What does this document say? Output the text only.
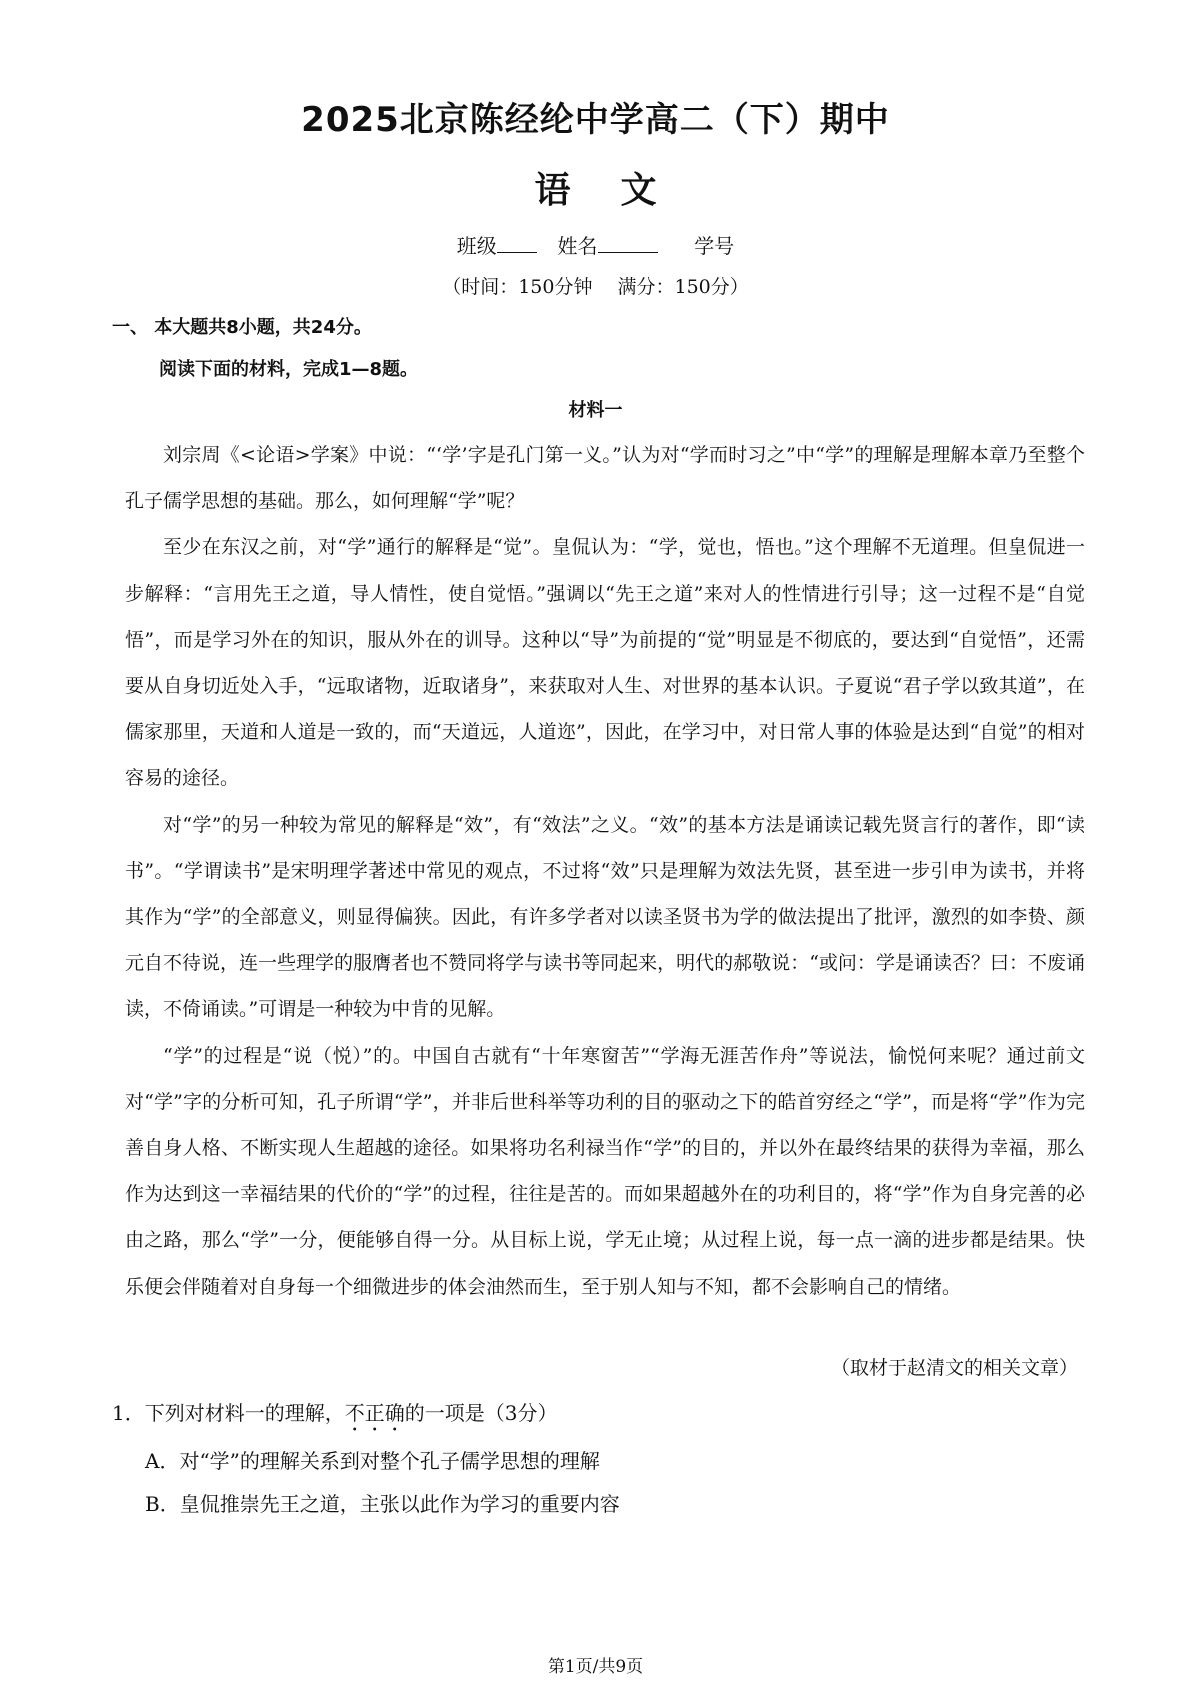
2025北京陈经纶中学高二（下）期中
语文
班级	姓名	学号
（时间：150分钟　 满分：150分）
一、 本大题共8小题，共24分。
阅读下面的材料，完成1—8题。
材料一

刘宗周《<论语>学案》中说：“‘学’字是孔门第一义。”认为对“学而时习之”中“学”的理解是理解本章乃至整个孔子儒学思想的基础。那么，如何理解“学”呢？

至少在东汉之前，对“学”通行的解释是“觉”。皇侃认为：“学，觉也，悟也。”这个理解不无道理。但皇侃进一步解释：“言用先王之道，导人情性，使自觉悟。”强调以“先王之道”来对人的性情进行引导；这一过程不是“自觉悟”，而是学习外在的知识，服从外在的训导。这种以“导”为前提的“觉”明显是不彻底的，要达到“自觉悟”，还需要从自身切近处入手，“远取诸物，近取诸身”，来获取对人生、对世界的基本认识。子夏说“君子学以致其道”，在儒家那里，天道和人道是一致的，而“天道远，人道迩”，因此，在学习中，对日常人事的体验是达到“自觉”的相对容易的途径。

对“学”的另一种较为常见的解释是“效”，有“效法”之义。“效”的基本方法是诵读记载先贤言行的著作，即“读书”。“学谓读书”是宋明理学著述中常见的观点，不过将“效”只是理解为效法先贤，甚至进一步引申为读书，并将其作为“学”的全部意义，则显得偏狭。因此，有许多学者对以读圣贤书为学的做法提出了批评，激烈的如李贽、颜元自不待说，连一些理学的服膺者也不赞同将学与读书等同起来，明代的郝敬说：“或问：学是诵读否？曰：不废诵读，不倚诵读。”可谓是一种较为中肯的见解。

“学”的过程是“说（悦）”的。中国自古就有“十年寒窗苦”“学海无涯苦作舟”等说法，愉悦何来呢？通过前文对“学”字的分析可知，孔子所谓“学”，并非后世科举等功利的目的驱动之下的皓首穷经之“学”，而是将“学”作为完善自身人格、不断实现人生超越的途径。如果将功名利禄当作“学”的目的，并以外在最终结果的获得为幸福，那么作为达到这一幸福结果的代价的“学”的过程，往往是苦的。而如果超越外在的功利目的，将“学”作为自身完善的必由之路，那么“学”一分，便能够自得一分。从目标上说，学无止境；从过程上说，每一点一滴的进步都是结果。快乐便会伴随着对自身每一个细微进步的体会油然而生，至于别人知与不知，都不会影响自己的情绪。

（取材于赵清文的相关文章）
1．下列对材料一的理解，不正确的一项是（3分）
A．对“学”的理解关系到对整个孔子儒学思想的理解
B．皇侃推崇先王之道，主张以此作为学习的重要内容
第1页/共9页
